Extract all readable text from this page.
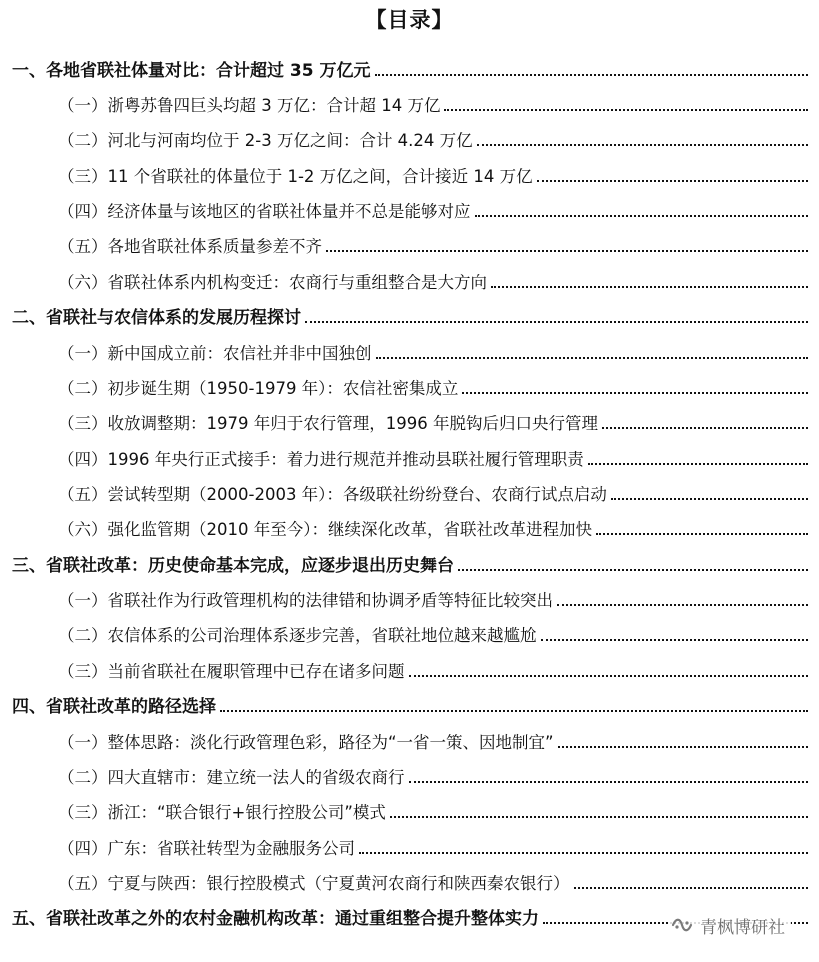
【目录】
一、各地省联社体量对比：合计超过 35 万亿元
（一）浙粤苏鲁四巨头均超 3 万亿：合计超 14 万亿
（二）河北与河南均位于 2-3 万亿之间：合计 4.24 万亿
（三）11 个省联社的体量位于 1-2 万亿之间，合计接近 14 万亿
（四）经济体量与该地区的省联社体量并不总是能够对应
（五）各地省联社体系质量参差不齐
（六）省联社体系内机构变迁：农商行与重组整合是大方向
二、省联社与农信体系的发展历程探讨
（一）新中国成立前：农信社并非中国独创
（二）初步诞生期（1950-1979 年）：农信社密集成立
（三）收放调整期：1979 年归于农行管理，1996 年脱钩后归口央行管理
（四）1996 年央行正式接手：着力进行规范并推动县联社履行管理职责
（五）尝试转型期（2000-2003 年）：各级联社纷纷登台、农商行试点启动
（六）强化监管期（2010 年至今）：继续深化改革，省联社改革进程加快
三、省联社改革：历史使命基本完成，应逐步退出历史舞台
（一）省联社作为行政管理机构的法律错和协调矛盾等特征比较突出
（二）农信体系的公司治理体系逐步完善，省联社地位越来越尴尬
（三）当前省联社在履职管理中已存在诸多问题
四、省联社改革的路径选择
（一）整体思路：淡化行政管理色彩，路径为“一省一策、因地制宜”
（二）四大直辖市：建立统一法人的省级农商行
（三）浙江：“联合银行+银行控股公司”模式
（四）广东：省联社转型为金融服务公司
（五）宁夏与陕西：银行控股模式（宁夏黄河农商行和陕西秦农银行）
五、省联社改革之外的农村金融机构改革：通过重组整合提升整体实力	青枫博研社
